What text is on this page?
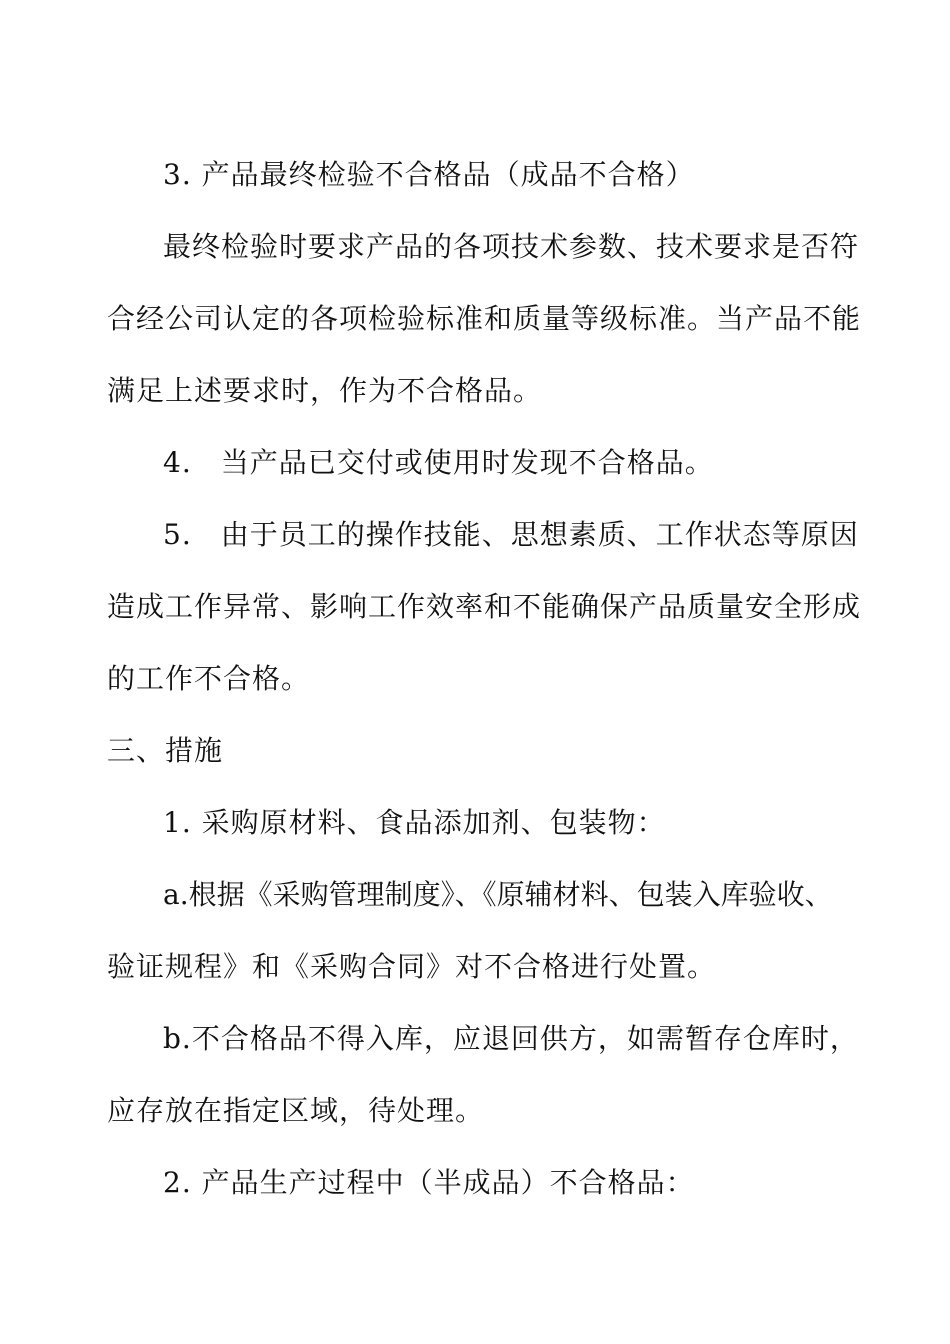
3. 产品最终检验不合格品（成品不合格）
最终检验时要求产品的各项技术参数、技术要求是否符
合经公司认定的各项检验标准和质量等级标准。当产品不能
满足上述要求时，作为不合格品。
4.　当产品已交付或使用时发现不合格品。
5.　由于员工的操作技能、思想素质、工作状态等原因
造成工作异常、影响工作效率和不能确保产品质量安全形成
的工作不合格。
三、措施
1. 采购原材料、食品添加剂、包装物：
a.根据《采购管理制度》、《原辅材料、包装入库验收、
验证规程》和《采购合同》对不合格进行处置。
b.不合格品不得入库，应退回供方，如需暂存仓库时，
应存放在指定区域，待处理。
2. 产品生产过程中（半成品）不合格品：
